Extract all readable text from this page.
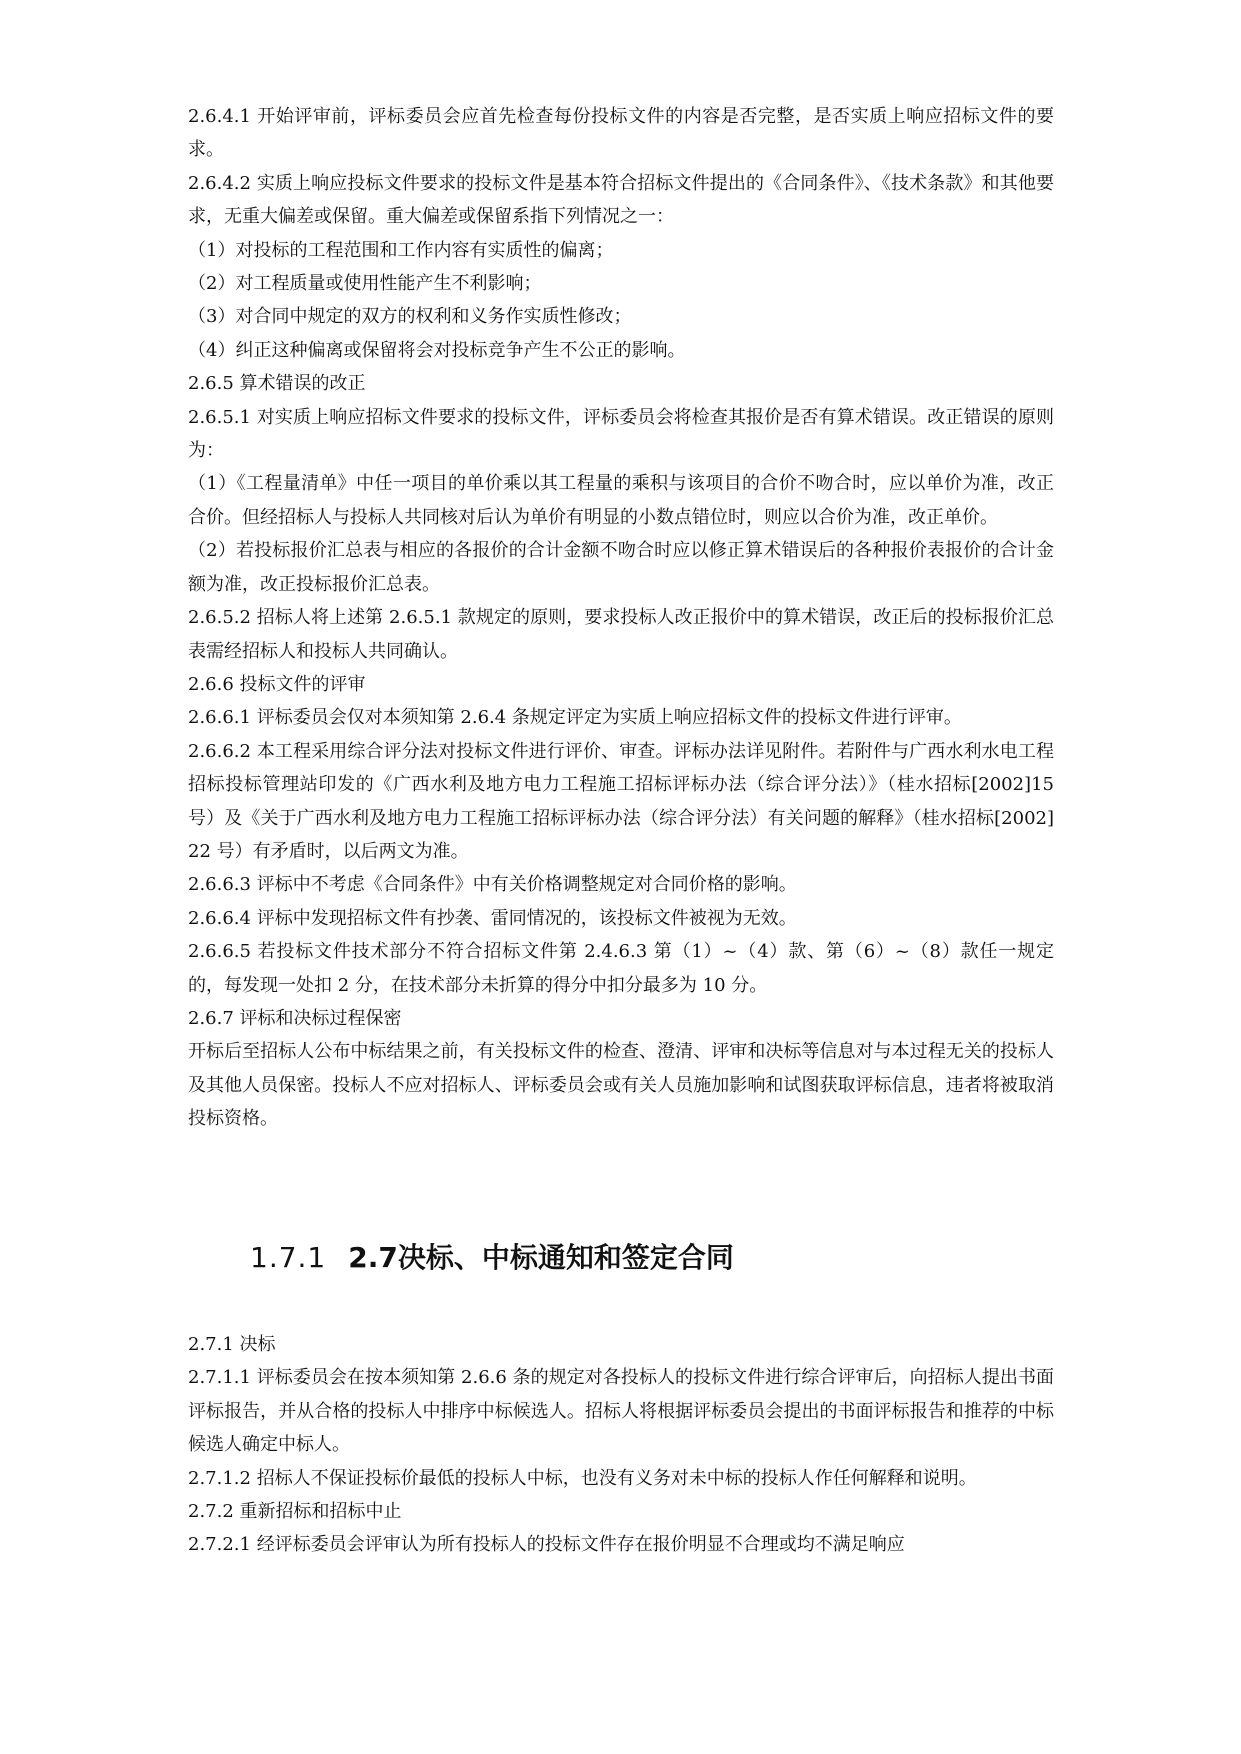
2.6.4.1 开始评审前，评标委员会应首先检查每份投标文件的内容是否完整，是否实质上响应招标文件的要求。

2.6.4.2 实质上响应投标文件要求的投标文件是基本符合招标文件提出的《合同条件》、《技术条款》和其他要求，无重大偏差或保留。重大偏差或保留系指下列情况之一：

（1）对投标的工程范围和工作内容有实质性的偏离；

（2）对工程质量或使用性能产生不利影响；

（3）对合同中规定的双方的权利和义务作实质性修改；

（4）纠正这种偏离或保留将会对投标竞争产生不公正的影响。

2.6.5 算术错误的改正

2.6.5.1 对实质上响应招标文件要求的投标文件，评标委员会将检查其报价是否有算术错误。改正错误的原则为：

（1）《工程量清单》中任一项目的单价乘以其工程量的乘积与该项目的合价不吻合时，应以单价为准，改正合价。但经招标人与投标人共同核对后认为单价有明显的小数点错位时，则应以合价为准，改正单价。

（2）若投标报价汇总表与相应的各报价的合计金额不吻合时应以修正算术错误后的各种报价表报价的合计金额为准，改正投标报价汇总表。

2.6.5.2 招标人将上述第 2.6.5.1 款规定的原则，要求投标人改正报价中的算术错误，改正后的投标报价汇总表需经招标人和投标人共同确认。

2.6.6 投标文件的评审

2.6.6.1 评标委员会仅对本须知第 2.6.4 条规定评定为实质上响应招标文件的投标文件进行评审。

2.6.6.2 本工程采用综合评分法对投标文件进行评价、审查。评标办法详见附件。若附件与广西水利水电工程招标投标管理站印发的《广西水利及地方电力工程施工招标评标办法（综合评分法）》（桂水招标[2002]15 号）及《关于广西水利及地方电力工程施工招标评标办法（综合评分法）有关问题的解释》（桂水招标[2002]22 号）有矛盾时，以后两文为准。

2.6.6.3 评标中不考虑《合同条件》中有关价格调整规定对合同价格的影响。

2.6.6.4 评标中发现招标文件有抄袭、雷同情况的，该投标文件被视为无效。

2.6.6.5 若投标文件技术部分不符合招标文件第 2.4.6.3 第（1）~（4）款、第（6）~（8）款任一规定的，每发现一处扣 2 分，在技术部分未折算的得分中扣分最多为 10 分。

2.6.7 评标和决标过程保密

开标后至招标人公布中标结果之前，有关投标文件的检查、澄清、评审和决标等信息对与本过程无关的投标人及其他人员保密。投标人不应对招标人、评标委员会或有关人员施加影响和试图获取评标信息，违者将被取消投标资格。

1.7.1 2.7决标、中标通知和签定合同

2.7.1 决标

2.7.1.1 评标委员会在按本须知第 2.6.6 条的规定对各投标人的投标文件进行综合评审后，向招标人提出书面评标报告，并从合格的投标人中排序中标候选人。招标人将根据评标委员会提出的书面评标报告和推荐的中标候选人确定中标人。

2.7.1.2 招标人不保证投标价最低的投标人中标，也没有义务对未中标的投标人作任何解释和说明。

2.7.2 重新招标和招标中止

2.7.2.1 经评标委员会评审认为所有投标人的投标文件存在报价明显不合理或均不满足响应
